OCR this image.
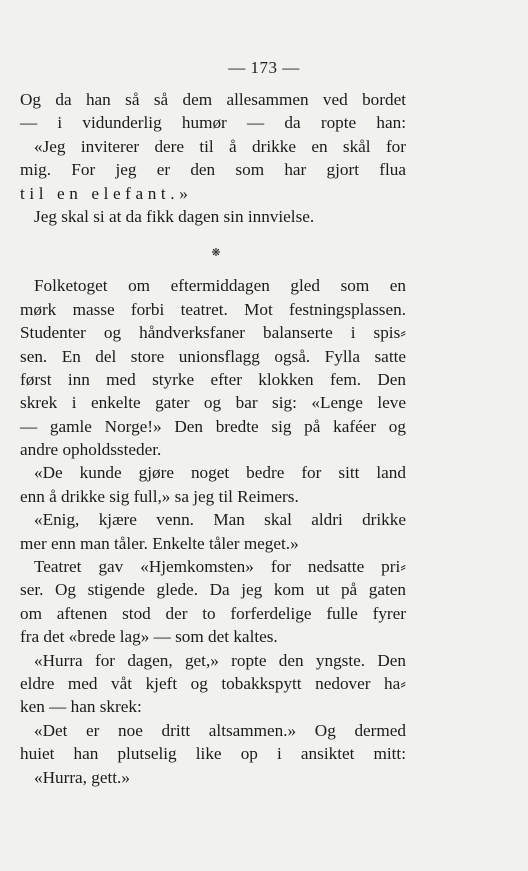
— 173 —
Og da han så så dem allesammen ved bordet
— i vidunderlig humør — da ropte han:
«Jeg inviterer dere til å drikke en skål for
mig. For jeg er den som har gjort flua
til en elefant.»
Jeg skal si at da fikk dagen sin innvielse.
❋
Folketoget om eftermiddagen gled som en
mørk masse forbi teatret. Mot festningsplassen.
Studenter og håndverksfaner balanserte i spis⸗
sen. En del store unionsflagg også. Fylla satte
først inn med styrke efter klokken fem. Den
skrek i enkelte gater og bar sig: «Lenge leve
— gamle Norge!» Den bredte sig på kaféer og
andre opholdssteder.
«De kunde gjøre noget bedre for sitt land
enn å drikke sig full,» sa jeg til Reimers.
«Enig, kjære venn. Man skal aldri drikke
mer enn man tåler. Enkelte tåler meget.»
Teatret gav «Hjemkomsten» for nedsatte pri⸗
ser. Og stigende glede. Da jeg kom ut på gaten
om aftenen stod der to forferdelige fulle fyrer
fra det «brede lag» — som det kaltes.
«Hurra for dagen, get,» ropte den yngste. Den
eldre med våt kjeft og tobakkspytt nedover ha⸗
ken — han skrek:
«Det er noe dritt altsammen.» Og dermed
huiet han plutselig like op i ansiktet mitt:
«Hurra, gett.»
